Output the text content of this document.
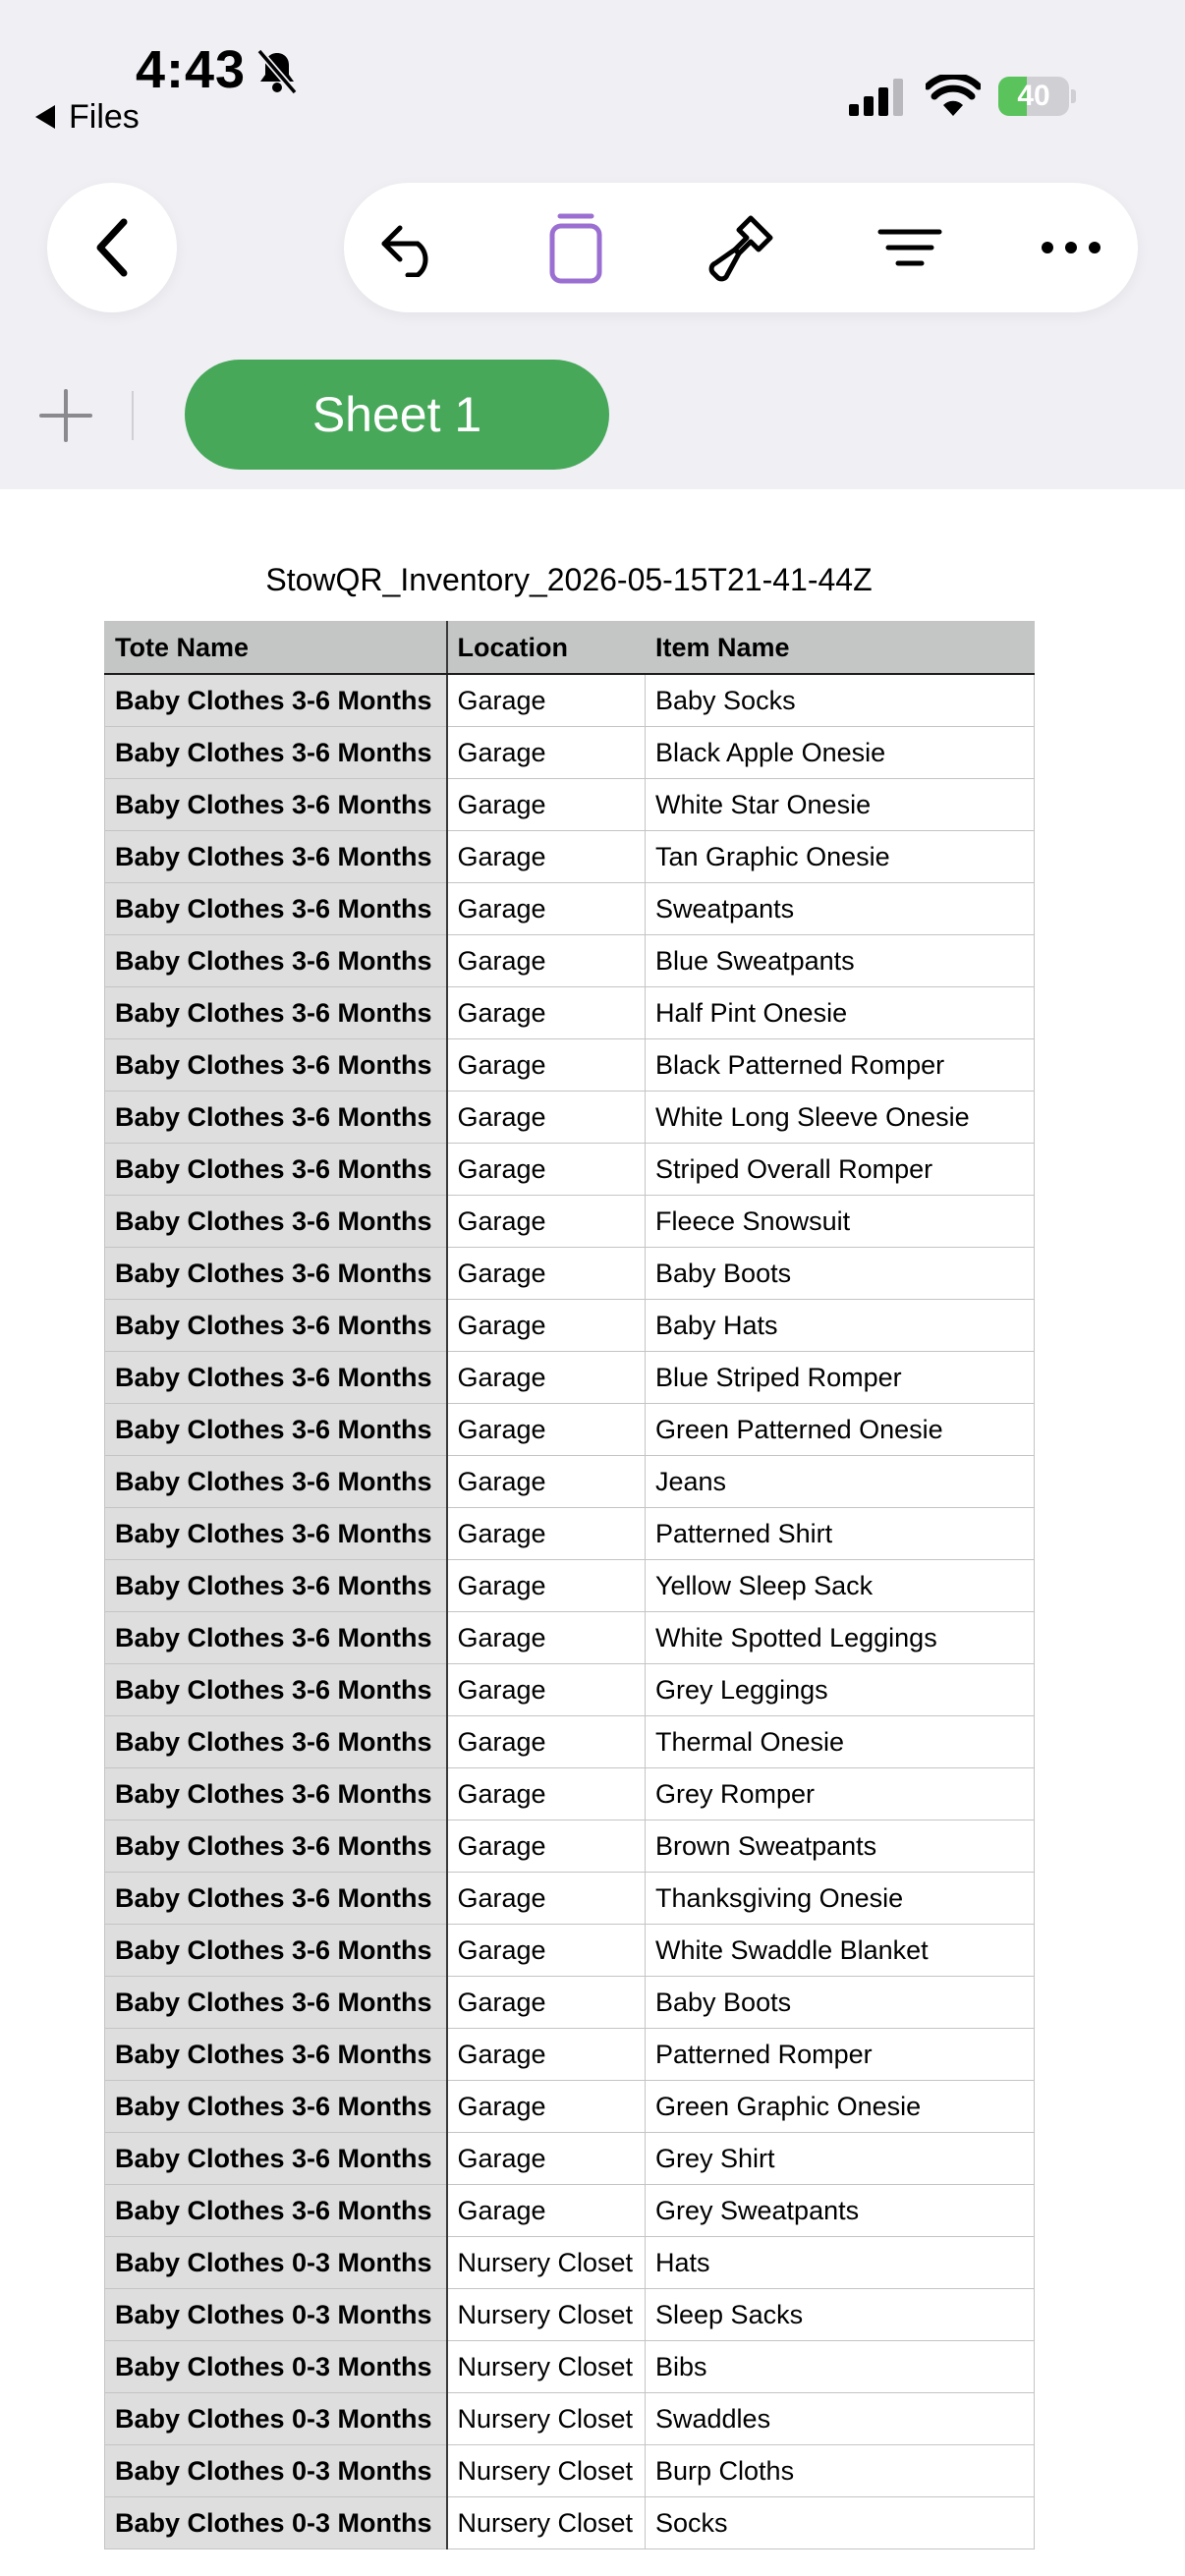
4:43
Files
40
Sheet 1
StowQR_Inventory_2026-05-15T21-41-44Z
Tote Name	Location	Item Name
Baby Clothes 3-6 Months	Garage	Baby Socks
Baby Clothes 3-6 Months	Garage	Black Apple Onesie
Baby Clothes 3-6 Months	Garage	White Star Onesie
Baby Clothes 3-6 Months	Garage	Tan Graphic Onesie
Baby Clothes 3-6 Months	Garage	Sweatpants
Baby Clothes 3-6 Months	Garage	Blue Sweatpants
Baby Clothes 3-6 Months	Garage	Half Pint Onesie
Baby Clothes 3-6 Months	Garage	Black Patterned Romper
Baby Clothes 3-6 Months	Garage	White Long Sleeve Onesie
Baby Clothes 3-6 Months	Garage	Striped Overall Romper
Baby Clothes 3-6 Months	Garage	Fleece Snowsuit
Baby Clothes 3-6 Months	Garage	Baby Boots
Baby Clothes 3-6 Months	Garage	Baby Hats
Baby Clothes 3-6 Months	Garage	Blue Striped Romper
Baby Clothes 3-6 Months	Garage	Green Patterned Onesie
Baby Clothes 3-6 Months	Garage	Jeans
Baby Clothes 3-6 Months	Garage	Patterned Shirt
Baby Clothes 3-6 Months	Garage	Yellow Sleep Sack
Baby Clothes 3-6 Months	Garage	White Spotted Leggings
Baby Clothes 3-6 Months	Garage	Grey Leggings
Baby Clothes 3-6 Months	Garage	Thermal Onesie
Baby Clothes 3-6 Months	Garage	Grey Romper
Baby Clothes 3-6 Months	Garage	Brown Sweatpants
Baby Clothes 3-6 Months	Garage	Thanksgiving Onesie
Baby Clothes 3-6 Months	Garage	White Swaddle Blanket
Baby Clothes 3-6 Months	Garage	Baby Boots
Baby Clothes 3-6 Months	Garage	Patterned Romper
Baby Clothes 3-6 Months	Garage	Green Graphic Onesie
Baby Clothes 3-6 Months	Garage	Grey Shirt
Baby Clothes 3-6 Months	Garage	Grey Sweatpants
Baby Clothes 0-3 Months	Nursery Closet	Hats
Baby Clothes 0-3 Months	Nursery Closet	Sleep Sacks
Baby Clothes 0-3 Months	Nursery Closet	Bibs
Baby Clothes 0-3 Months	Nursery Closet	Swaddles
Baby Clothes 0-3 Months	Nursery Closet	Burp Cloths
Baby Clothes 0-3 Months	Nursery Closet	Socks
